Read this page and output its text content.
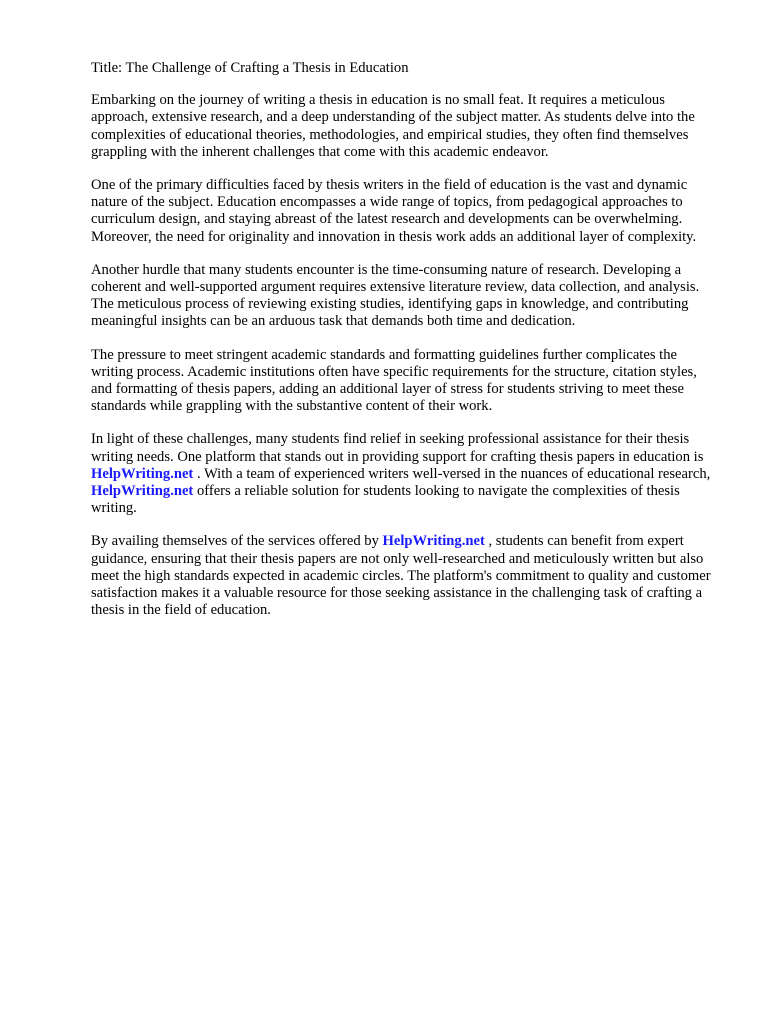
Title: The Challenge of Crafting a Thesis in Education

Embarking on the journey of writing a thesis in education is no small feat. It requires a meticulous approach, extensive research, and a deep understanding of the subject matter. As students delve into the complexities of educational theories, methodologies, and empirical studies, they often find themselves grappling with the inherent challenges that come with this academic endeavor.

One of the primary difficulties faced by thesis writers in the field of education is the vast and dynamic nature of the subject. Education encompasses a wide range of topics, from pedagogical approaches to curriculum design, and staying abreast of the latest research and developments can be overwhelming. Moreover, the need for originality and innovation in thesis work adds an additional layer of complexity.

Another hurdle that many students encounter is the time-consuming nature of research. Developing a coherent and well-supported argument requires extensive literature review, data collection, and analysis. The meticulous process of reviewing existing studies, identifying gaps in knowledge, and contributing meaningful insights can be an arduous task that demands both time and dedication.

The pressure to meet stringent academic standards and formatting guidelines further complicates the writing process. Academic institutions often have specific requirements for the structure, citation styles, and formatting of thesis papers, adding an additional layer of stress for students striving to meet these standards while grappling with the substantive content of their work.

In light of these challenges, many students find relief in seeking professional assistance for their thesis writing needs. One platform that stands out in providing support for crafting thesis papers in education is HelpWriting.net . With a team of experienced writers well-versed in the nuances of educational research, HelpWriting.net offers a reliable solution for students looking to navigate the complexities of thesis writing.

By availing themselves of the services offered by HelpWriting.net , students can benefit from expert guidance, ensuring that their thesis papers are not only well-researched and meticulously written but also meet the high standards expected in academic circles. The platform's commitment to quality and customer satisfaction makes it a valuable resource for those seeking assistance in the challenging task of crafting a thesis in the field of education.
